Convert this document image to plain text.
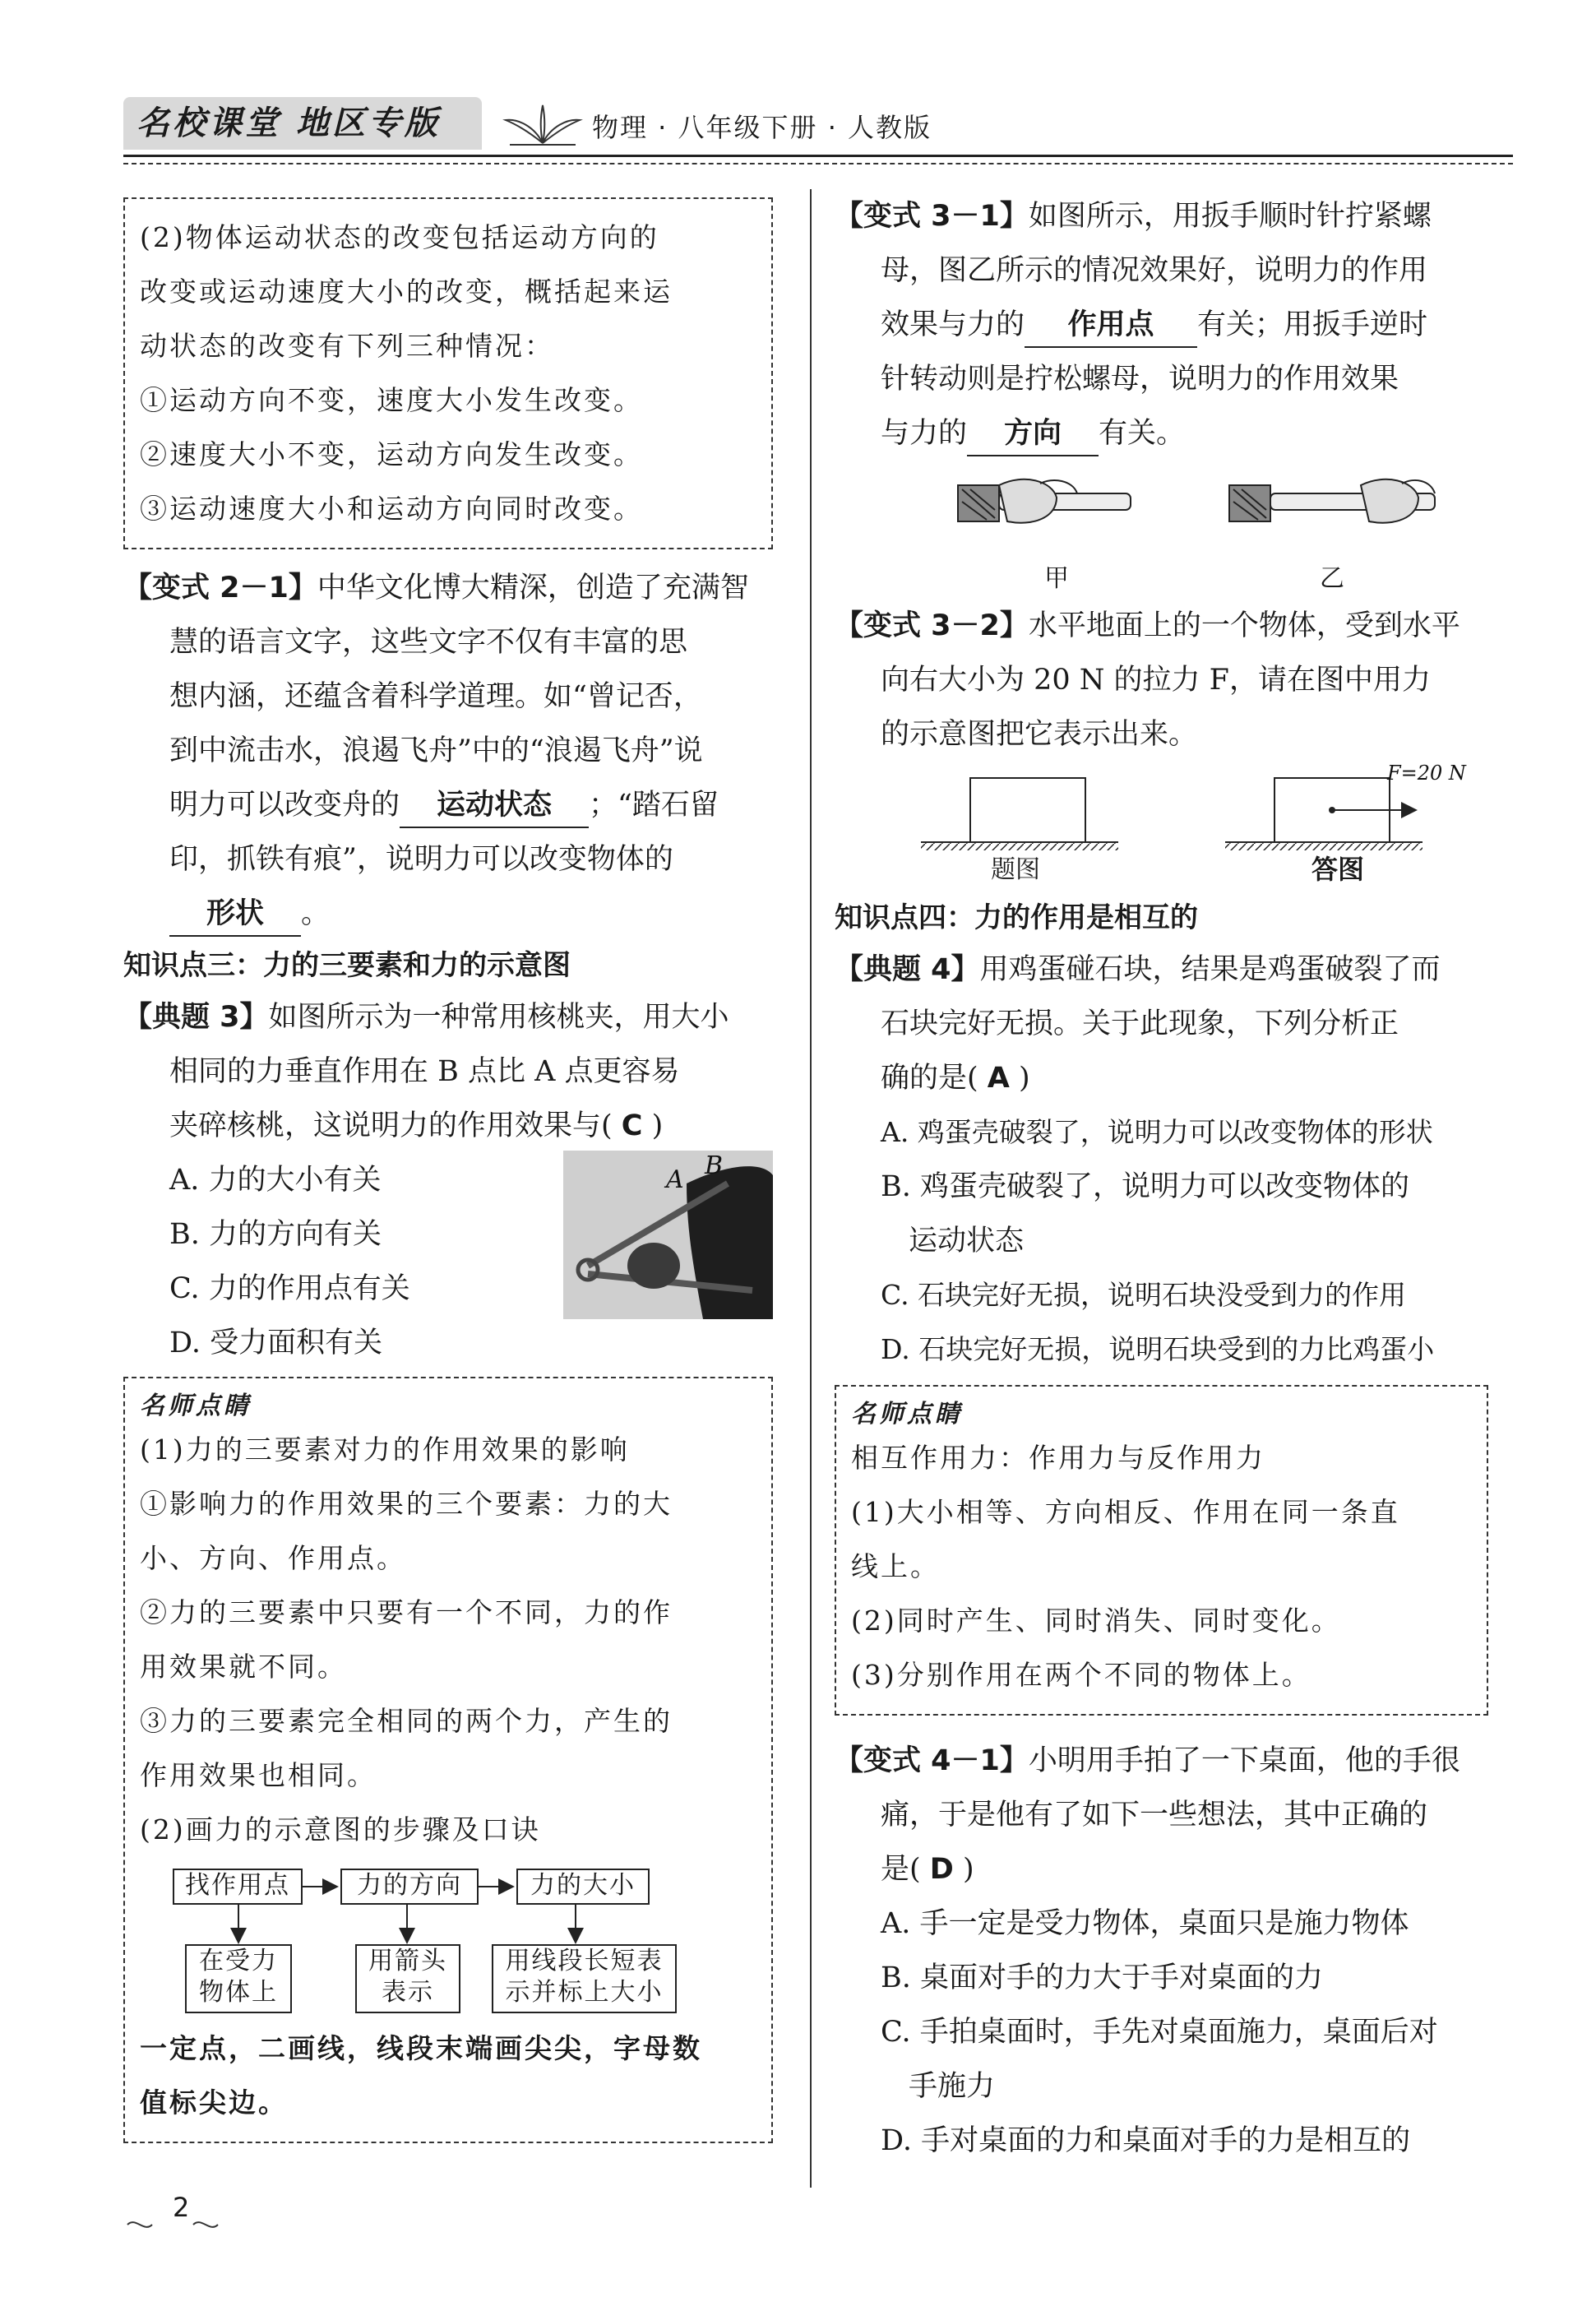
名校课堂 地区专版	物理 · 八年级下册 · 人教版

(2)物体运动状态的改变包括运动方向的

改变或运动速度大小的改变，概括起来运

动状态的改变有下列三种情况：

①运动方向不变，速度大小发生改变。

②速度大小不变，运动方向发生改变。

③运动速度大小和运动方向同时改变。

【变式 2－1】中华文化博大精深，创造了充满智

慧的语言文字，这些文字不仅有丰富的思

想内涵，还蕴含着科学道理。如“曾记否，

到中流击水，浪遏飞舟”中的“浪遏飞舟”说

明力可以改变舟的 运动状态 ；“踏石留

印，抓铁有痕”，说明力可以改变物体的

形状 。

知识点三：力的三要素和力的示意图

【典题 3】如图所示为一种常用核桃夹，用大小

相同的力垂直作用在 B 点比 A 点更容易

夹碎核桃，这说明力的作用效果与( C )

A. 力的大小有关

B. 力的方向有关

C. 力的作用点有关

D. 受力面积有关

A B
名师点睛

(1)力的三要素对力的作用效果的影响

①影响力的作用效果的三个要素：力的大

小、方向、作用点。

②力的三要素中只要有一个不同，力的作

用效果就不同。

③力的三要素完全相同的两个力，产生的

作用效果也相同。

(2)画力的示意图的步骤及口诀

找作用点	力的方向	力的大小
在受力
物体上
用箭头
表示
用线段长短表
示并标上大小

一定点，二画线，线段末端画尖尖，字母数

值标尖边。

【变式 3－1】如图所示，用扳手顺时针拧紧螺

母，图乙所示的情况效果好，说明力的作用

效果与力的 作用点 有关；用扳手逆时

针转动则是拧松螺母，说明力的作用效果

与力的 方向 有关。

甲	乙

【变式 3－2】水平地面上的一个物体，受到水平

向右大小为 20 N 的拉力 F，请在图中用力

的示意图把它表示出来。

F=20 N
题图	答图

知识点四：力的作用是相互的

【典题 4】用鸡蛋碰石块，结果是鸡蛋破裂了而

石块完好无损。关于此现象，下列分析正

确的是( A )

A. 鸡蛋壳破裂了，说明力可以改变物体的形状

B. 鸡蛋壳破裂了，说明力可以改变物体的

运动状态

C. 石块完好无损，说明石块没受到力的作用

D. 石块完好无损，说明石块受到的力比鸡蛋小

名师点睛

相互作用力：作用力与反作用力

(1)大小相等、方向相反、作用在同一条直

线上。

(2)同时产生、同时消失、同时变化。

(3)分别作用在两个不同的物体上。

【变式 4－1】小明用手拍了一下桌面，他的手很

痛，于是他有了如下一些想法，其中正确的

是( D )

A. 手一定是受力物体，桌面只是施力物体

B. 桌面对手的力大于手对桌面的力

C. 手拍桌面时，手先对桌面施力，桌面后对

手施力

D. 手对桌面的力和桌面对手的力是相互的

2
